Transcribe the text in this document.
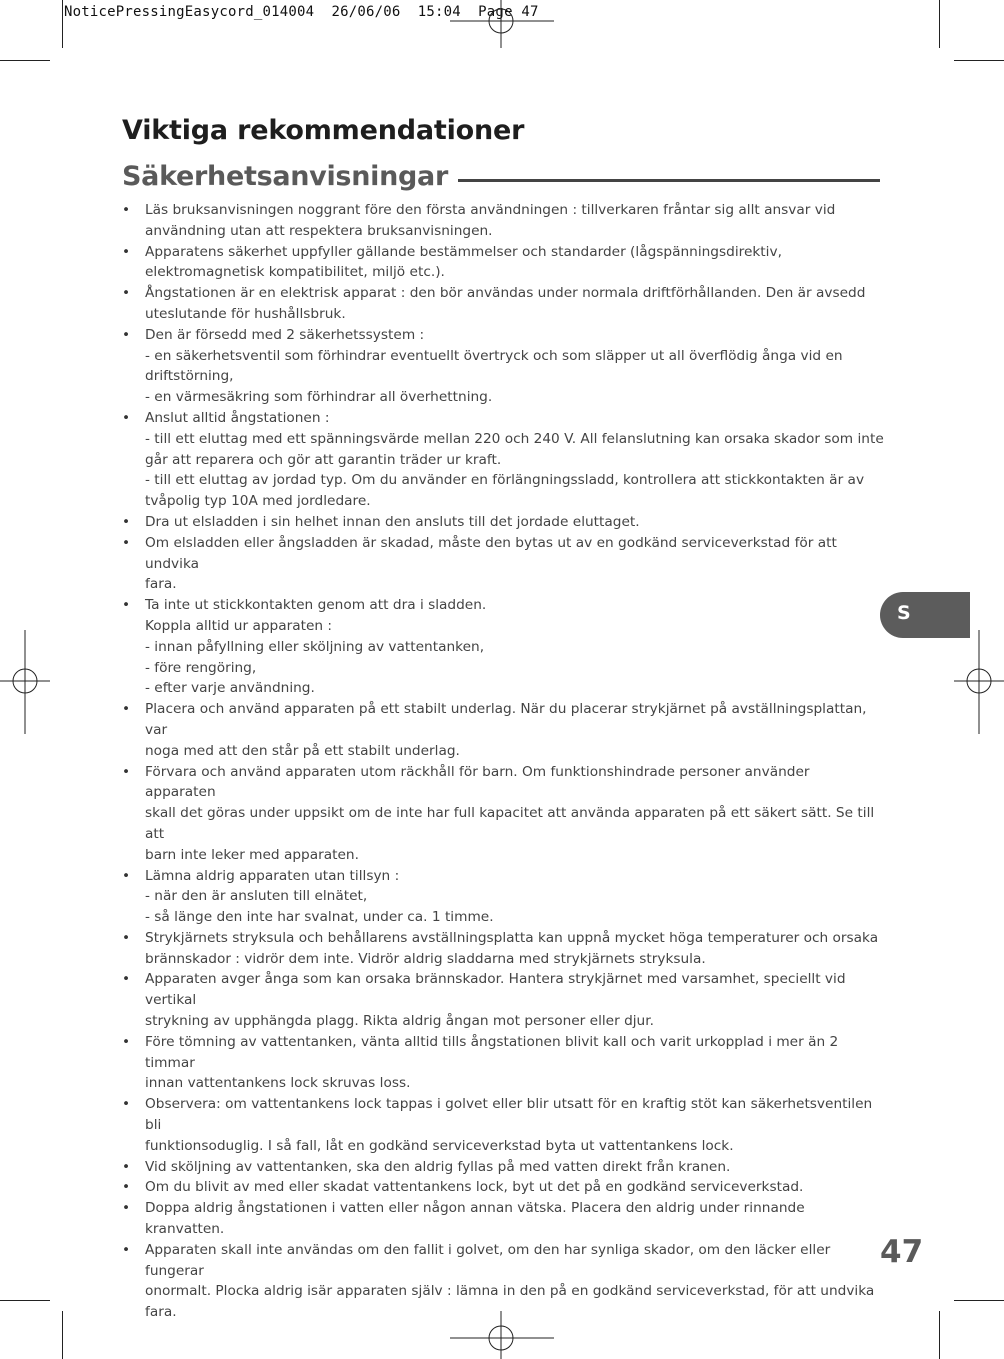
NoticePressingEasycord_014004  26/06/06  15:04  Page 47
Viktiga rekommendationer
Säkerhetsanvisningar
• Läs bruksanvisningen noggrant före den första användningen : tillverkaren fråntar sig allt ansvar vid
användning utan att respektera bruksanvisningen.
• Apparatens säkerhet uppfyller gällande bestämmelser och standarder (lågspänningsdirektiv,
elektromagnetisk kompatibilitet, miljö etc.).
• Ångstationen är en elektrisk apparat : den bör användas under normala driftförhållanden. Den är avsedd
uteslutande för hushållsbruk.
• Den är försedd med 2 säkerhetssystem :
- en säkerhetsventil som förhindrar eventuellt övertryck och som släpper ut all överflödig ånga vid en
driftstörning,
- en värmesäkring som förhindrar all överhettning.
• Anslut alltid ångstationen :
- till ett eluttag med ett spänningsvärde mellan 220 och 240 V. All felanslutning kan orsaka skador som inte
går att reparera och gör att garantin träder ur kraft.
- till ett eluttag av jordad typ. Om du använder en förlängningssladd, kontrollera att stickkontakten är av
tvåpolig typ 10A med jordledare.
• Dra ut elsladden i sin helhet innan den ansluts till det jordade eluttaget.
• Om elsladden eller ångsladden är skadad, måste den bytas ut av en godkänd serviceverkstad för att undvika
fara.
• Ta inte ut stickkontakten genom att dra i sladden.
Koppla alltid ur apparaten :
- innan påfyllning eller sköljning av vattentanken,
- före rengöring,
- efter varje användning.
• Placera och använd apparaten på ett stabilt underlag. När du placerar strykjärnet på avställningsplattan, var
noga med att den står på ett stabilt underlag.
• Förvara och använd apparaten utom räckhåll för barn. Om funktionshindrade personer använder apparaten
skall det göras under uppsikt om de inte har full kapacitet att använda apparaten på ett säkert sätt. Se till att
barn inte leker med apparaten.
• Lämna aldrig apparaten utan tillsyn :
- när den är ansluten till elnätet,
- så länge den inte har svalnat, under ca. 1 timme.
• Strykjärnets stryksula och behållarens avställningsplatta kan uppnå mycket höga temperaturer och orsaka
brännskador : vidrör dem inte. Vidrör aldrig sladdarna med strykjärnets stryksula.
• Apparaten avger ånga som kan orsaka brännskador. Hantera strykjärnet med varsamhet, speciellt vid vertikal
strykning av upphängda plagg. Rikta aldrig ångan mot personer eller djur.
• Före tömning av vattentanken, vänta alltid tills ångstationen blivit kall och varit urkopplad i mer än 2 timmar
innan vattentankens lock skruvas loss.
• Observera: om vattentankens lock tappas i golvet eller blir utsatt för en kraftig stöt kan säkerhetsventilen bli
funktionsoduglig. I så fall, låt en godkänd serviceverkstad byta ut vattentankens lock.
• Vid sköljning av vattentanken, ska den aldrig fyllas på med vatten direkt från kranen.
• Om du blivit av med eller skadat vattentankens lock, byt ut det på en godkänd serviceverkstad.
• Doppa aldrig ångstationen i vatten eller någon annan vätska. Placera den aldrig under rinnande kranvatten.
• Apparaten skall inte användas om den fallit i golvet, om den har synliga skador, om den läcker eller fungerar
onormalt. Plocka aldrig isär apparaten själv : lämna in den på en godkänd serviceverkstad, för att undvika
fara.
S
47
